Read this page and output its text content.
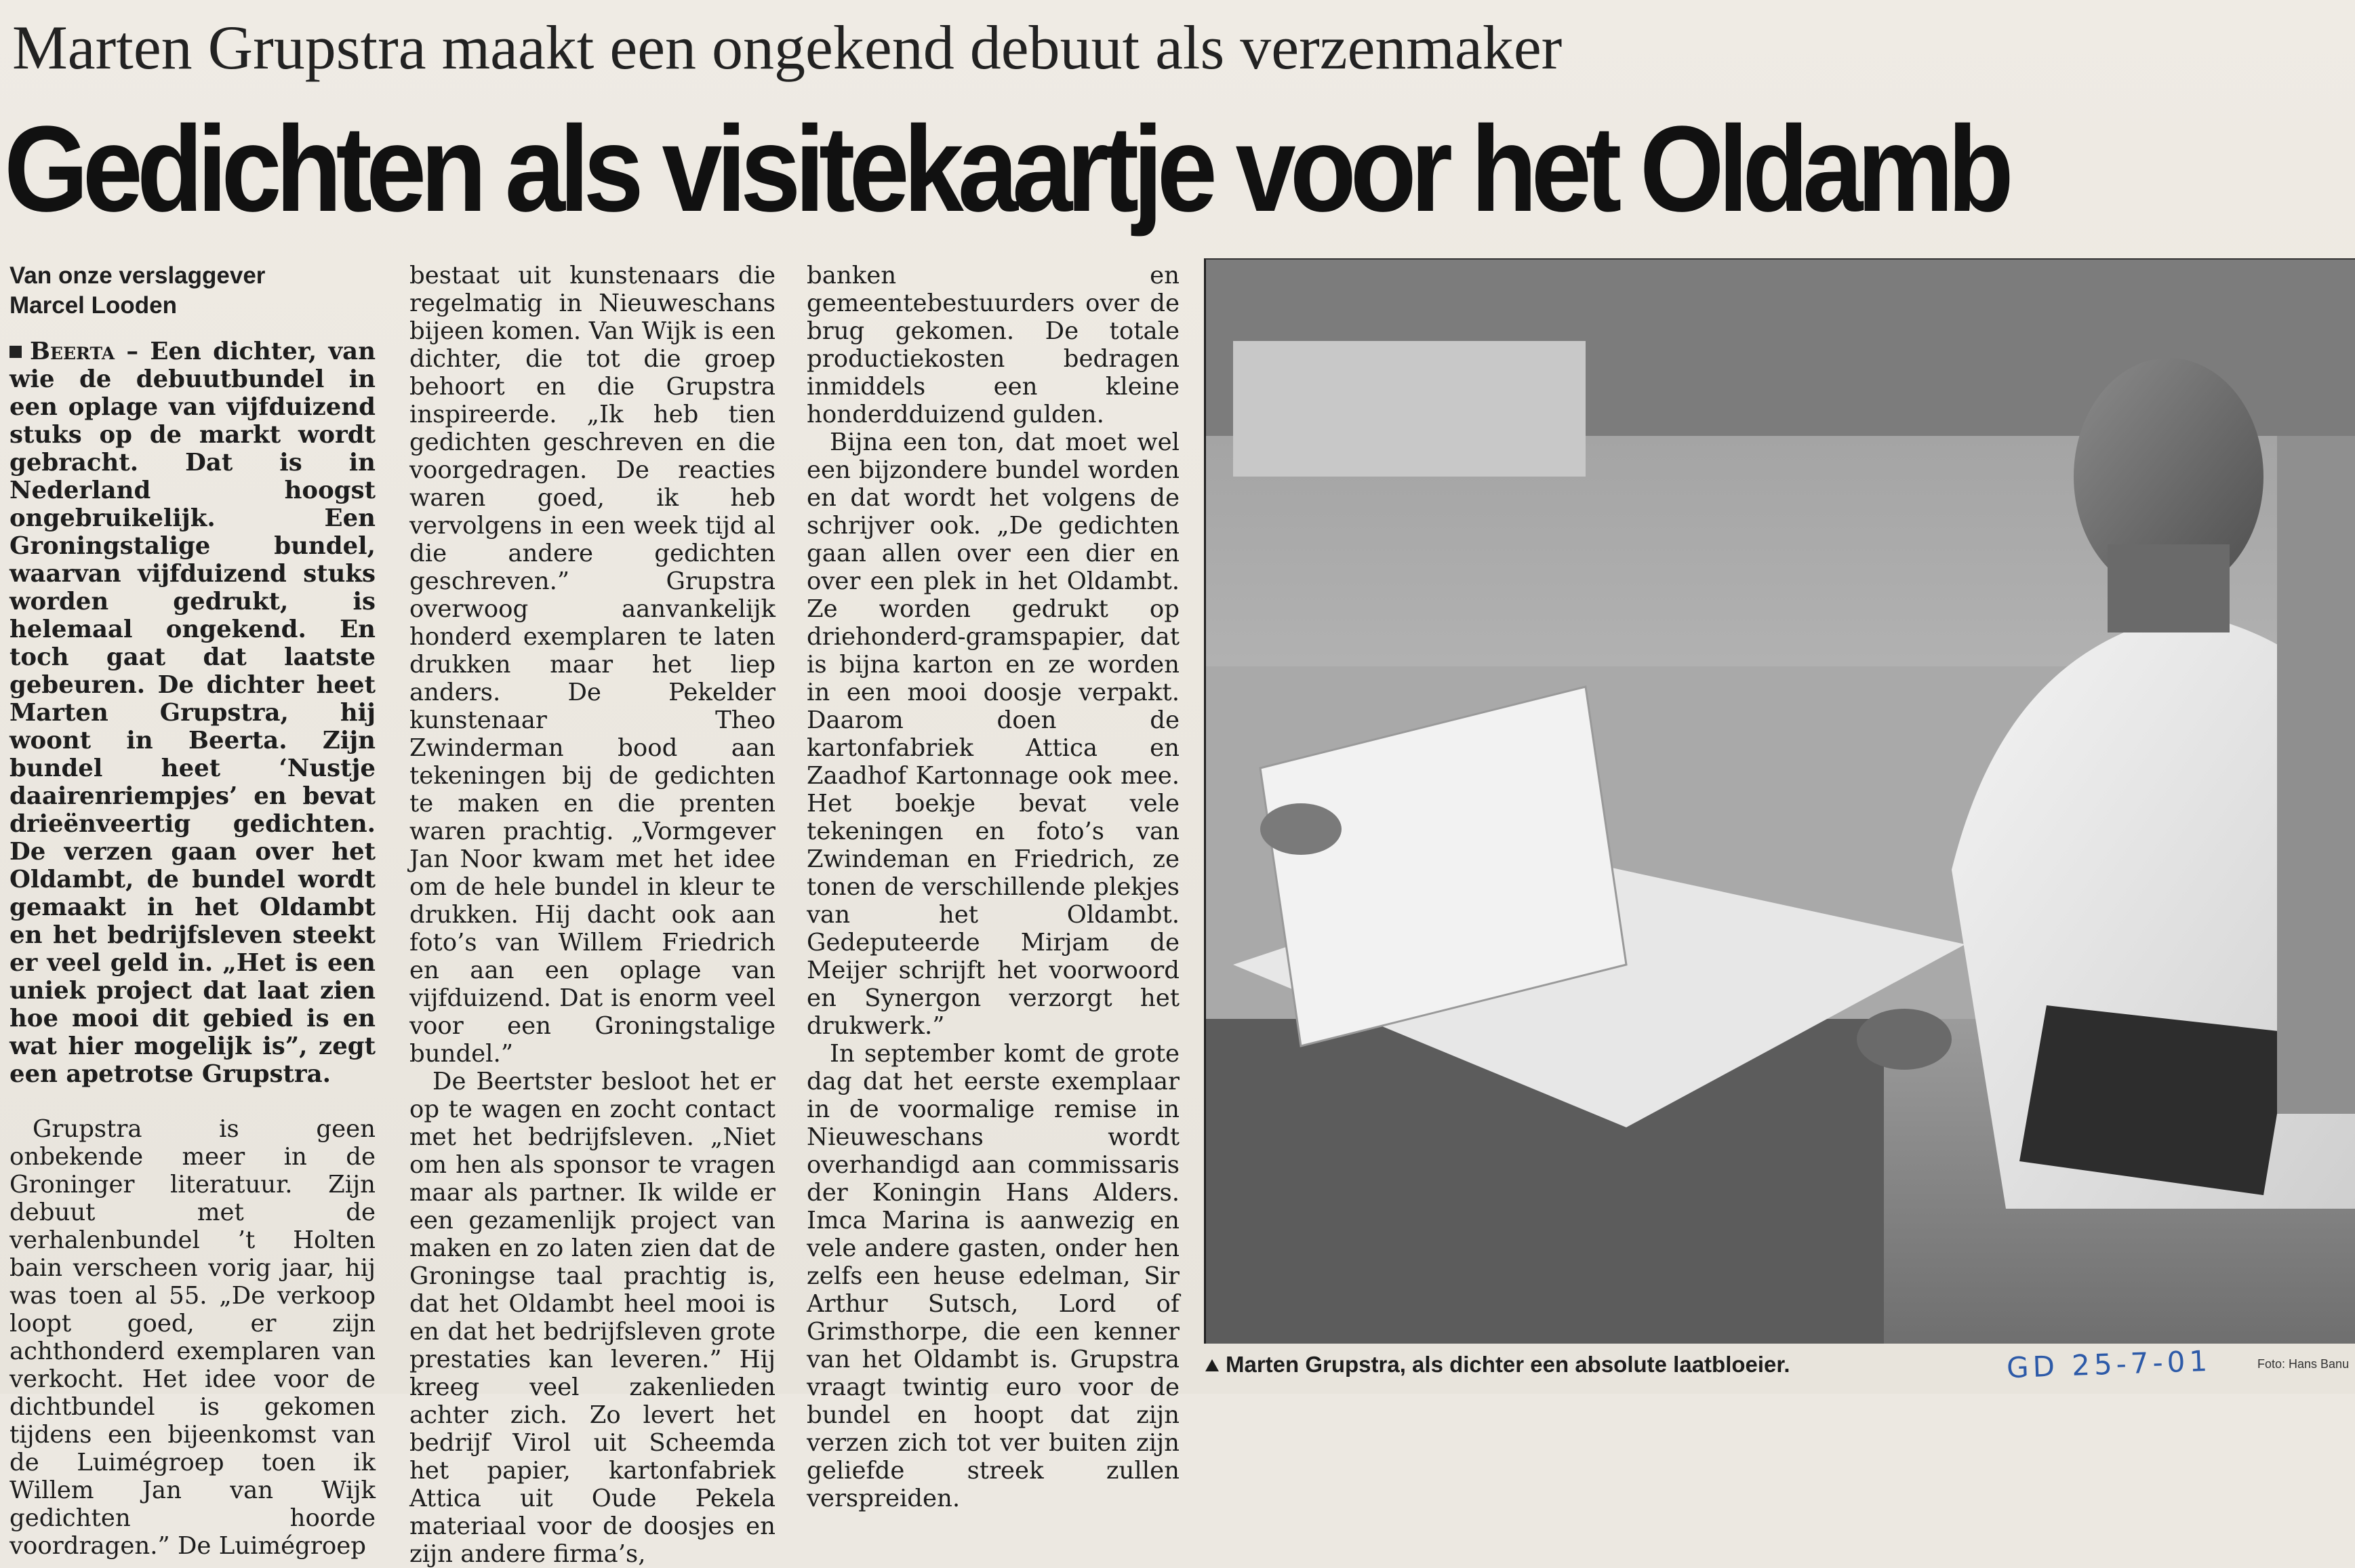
Marten Grupstra maakt een ongekend debuut als verzenmaker
Gedichten als visitekaartje voor het Oldamb
Van onze verslaggever
Marcel Looden

Beerta – Een dichter, van wie de debuutbundel in een oplage van vijfduizend stuks op de markt wordt gebracht. Dat is in Nederland hoogst ongebruikelijk. Een Groningstalige bundel, waarvan vijfduizend stuks worden gedrukt, is helemaal ongekend. En toch gaat dat laatste gebeuren. De dichter heet Marten Grupstra, hij woont in Beerta. Zijn bundel heet ‘Nustje daairenriempjes’ en bevat drieënveertig gedichten. De verzen gaan over het Oldambt, de bundel wordt gemaakt in het Oldambt en het bedrijfsleven steekt er veel geld in. „Het is een uniek project dat laat zien hoe mooi dit gebied is en wat hier mogelijk is”, zegt een apetrotse Grupstra.

Grupstra is geen onbekende meer in de Groninger literatuur. Zijn debuut met de verhalenbundel ’t Holten bain verscheen vorig jaar, hij was toen al 55. „De verkoop loopt goed, er zijn achthonderd exemplaren van verkocht. Het idee voor de dichtbundel is gekomen tijdens een bijeenkomst van de Luimégroep toen ik Willem Jan van Wijk gedichten hoorde voordragen.” De Luimégroep

bestaat uit kunstenaars die regelmatig in Nieuweschans bijeen komen. Van Wijk is een dichter, die tot die groep behoort en die Grupstra inspireerde. „Ik heb tien gedichten geschreven en die voorgedragen. De reacties waren goed, ik heb vervolgens in een week tijd al die andere gedichten geschreven.” Grupstra overwoog aanvankelijk honderd exemplaren te laten drukken maar het liep anders. De Pekelder kunstenaar Theo Zwinderman bood aan tekeningen bij de gedichten te maken en die prenten waren prachtig. „Vormgever Jan Noor kwam met het idee om de hele bundel in kleur te drukken. Hij dacht ook aan foto’s van Willem Friedrich en aan een oplage van vijfduizend. Dat is enorm veel voor een Groningstalige bundel.”

De Beertster besloot het er op te wagen en zocht contact met het bedrijfsleven. „Niet om hen als sponsor te vragen maar als partner. Ik wilde er een gezamenlijk project van maken en zo laten zien dat de Groningse taal prachtig is, dat het Oldambt heel mooi is en dat het bedrijfsleven grote prestaties kan leveren.” Hij kreeg veel zakenlieden achter zich. Zo levert het bedrijf Virol uit Scheemda het papier, kartonfabriek Attica uit Oude Pekela materiaal voor de doosjes en zijn andere firma’s,

banken en gemeentebestuurders over de brug gekomen. De totale productiekosten bedragen inmiddels een kleine honderdduizend gulden.

Bijna een ton, dat moet wel een bijzondere bundel worden en dat wordt het volgens de schrijver ook. „De gedichten gaan allen over een dier en over een plek in het Oldambt. Ze worden gedrukt op driehonderd-gramspapier, dat is bijna karton en ze worden in een mooi doosje verpakt. Daarom doen de kartonfabriek Attica en Zaadhof Kartonnage ook mee. Het boekje bevat vele tekeningen en foto’s van Zwindeman en Friedrich, ze tonen de verschillende plekjes van het Oldambt. Gedeputeerde Mirjam de Meijer schrijft het voorwoord en Synergon verzorgt het drukwerk.”

In september komt de grote dag dat het eerste exemplaar in de voormalige remise in Nieuweschans wordt overhandigd aan commissaris der Koningin Hans Alders. Imca Marina is aanwezig en vele andere gasten, onder hen zelfs een heuse edelman, Sir Arthur Sutsch, Lord of Grimsthorpe, die een kenner van het Oldambt is. Grupstra vraagt twintig euro voor de bundel en hoopt dat zijn verzen zich tot ver buiten zijn geliefde streek zullen verspreiden.

Marten Grupstra, als dichter een absolute laatbloeier.	Foto: Hans Banu
GD 25-7-01
